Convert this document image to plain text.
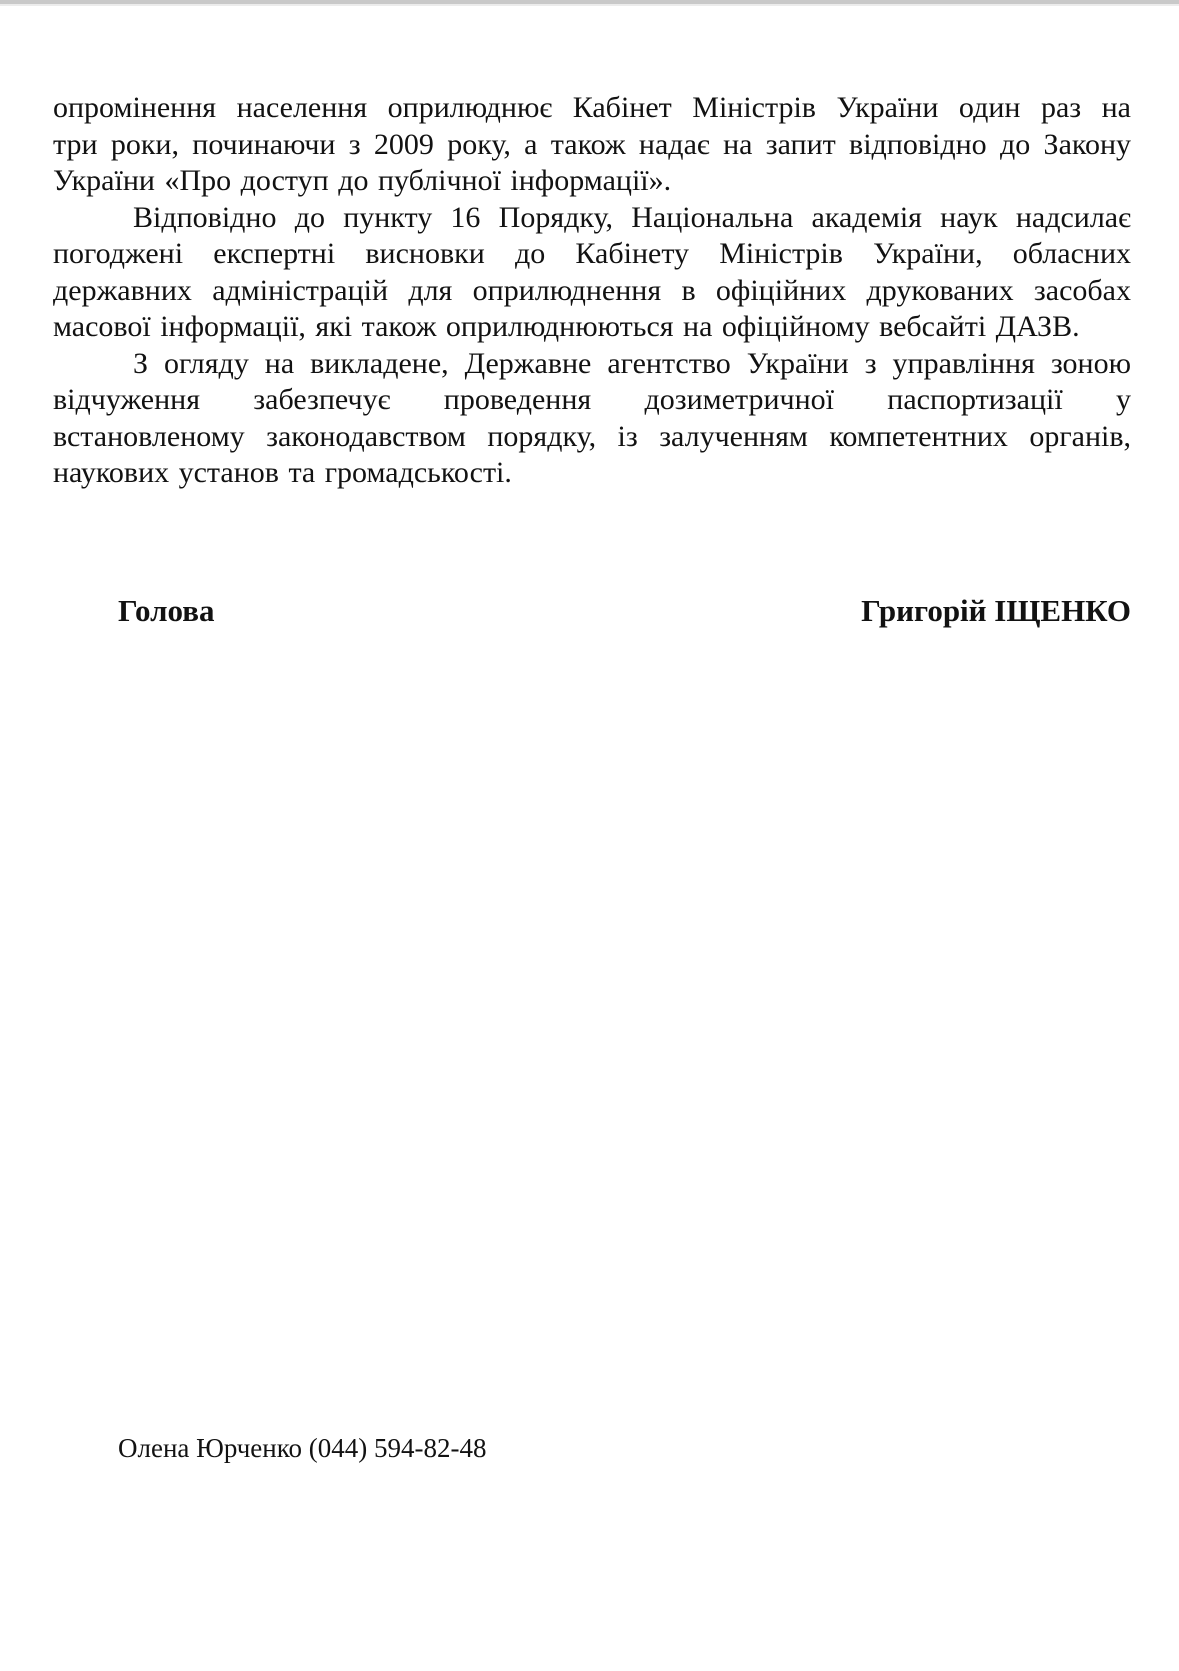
опромінення населення оприлюднює Кабінет Міністрів України один раз на
три роки, починаючи з 2009 року, а також надає на запит відповідно до Закону
України «Про доступ до публічної інформації».
Відповідно до пункту 16 Порядку, Національна академія наук надсилає
погоджені експертні висновки до Кабінету Міністрів України, обласних
державних адміністрацій для оприлюднення в офіційних друкованих засобах
масової інформації, які також оприлюднюються на офіційному вебсайті ДАЗВ.
З огляду на викладене, Державне агентство України з управління зоною
відчуження забезпечує проведення дозиметричної паспортизації у
встановленому законодавством порядку, із залученням компетентних органів,
наукових установ та громадськості.
Голова	Григорій ІЩЕНКО
Олена Юрченко (044) 594-82-48
